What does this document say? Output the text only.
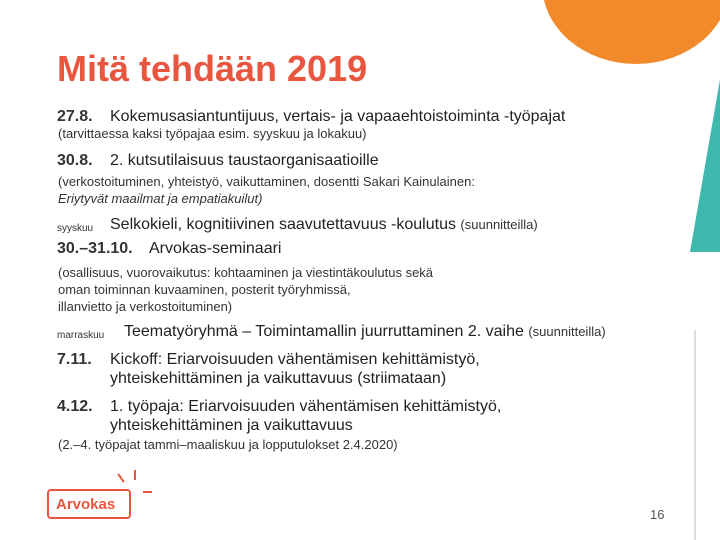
Mitä tehdään 2019
27.8. Kokemusasiantuntijuus, vertais- ja vapaaehtoistoiminta -työpajat
(tarvittaessa kaksi työpajaa esim. syyskuu ja lokakuu)
30.8. 2. kutsutilaisuus taustaorganisaatioille
(verkostoituminen, yhteistyö, vaikuttaminen, dosentti Sakari Kainulainen:
Eriytyvät maailmat ja empatiakuilut)
syyskuu Selkokieli, kognitiivinen saavutettavuus -koulutus (suunnitteilla)
30.–31.10. Arvokas-seminaari
(osallisuus, vuorovaikutus: kohtaaminen ja viestintäkoulutus sekä
oman toiminnan kuvaaminen, posterit työryhmissä,
illanvietto ja verkostoituminen)
marraskuu Teematyöryhmä – Toimintamallin juurruttaminen 2. vaihe (suunnitteilla)
7.11. Kickoff: Eriarvoisuuden vähentämisen kehittämistyö,
yhteiskehittäminen ja vaikuttavuus (striimataan)
4.12. 1. työpaja: Eriarvoisuuden vähentämisen kehittämistyö,
yhteiskehittäminen ja vaikuttavuus
(2.–4. työpajat tammi–maaliskuu ja lopputulokset 2.4.2020)
Arvokas
16
